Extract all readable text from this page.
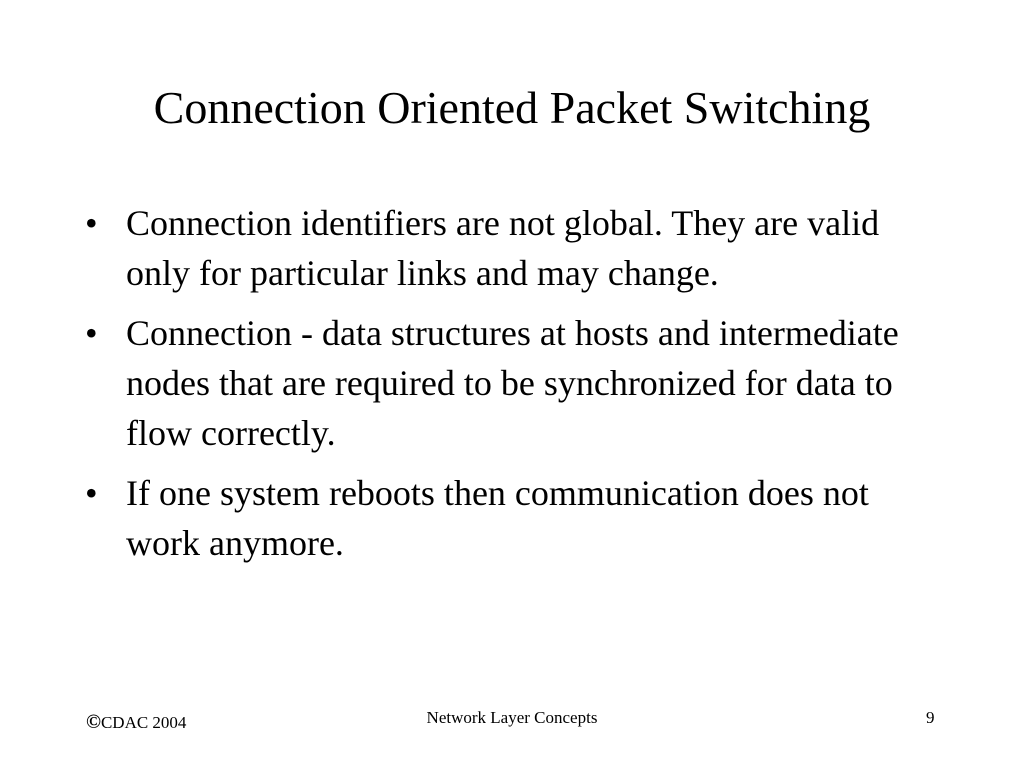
Connection Oriented Packet Switching
• Connection identifiers are not global. They are valid only for particular links and may change.
• Connection - data structures at hosts and intermediate nodes that are required to be synchronized for data to flow correctly.
• If one system reboots then communication does not work anymore.
©CDAC 2004	Network Layer Concepts	9
